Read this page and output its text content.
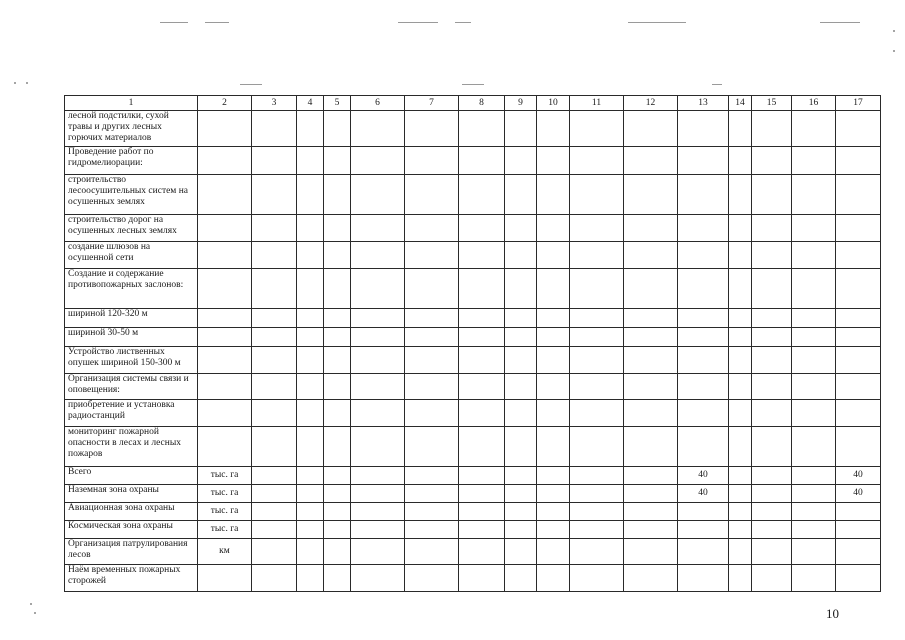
1	2	3	4	5	6	7	8	9	10	11	12	13	14	15	16	17
лесной подстилки, сухой травы и других лесных горючих материалов																
Проведение работ по гидромелиорации:																
строительство лесоосушительных систем на осушенных землях																
строительство дорог на осушенных лесных землях																
создание шлюзов на осушенной сети																
Создание и содержание противопожарных заслонов:																
шириной 120-320 м																
шириной 30-50 м																
Устройство лиственных опушек шириной 150-300 м																
Организация системы связи и оповещения:																
приобретение и установка радиостанций																
мониторинг пожарной опасности в лесах и лесных пожаров																
Всего	тыс. га											40				40
Наземная зона охраны	тыс. га											40				40
Авиационная зона охраны	тыс. га															
Космическая зона охраны	тыс. га															
Организация патрулирования лесов	км															
Наём временных пожарных сторожей																
10
